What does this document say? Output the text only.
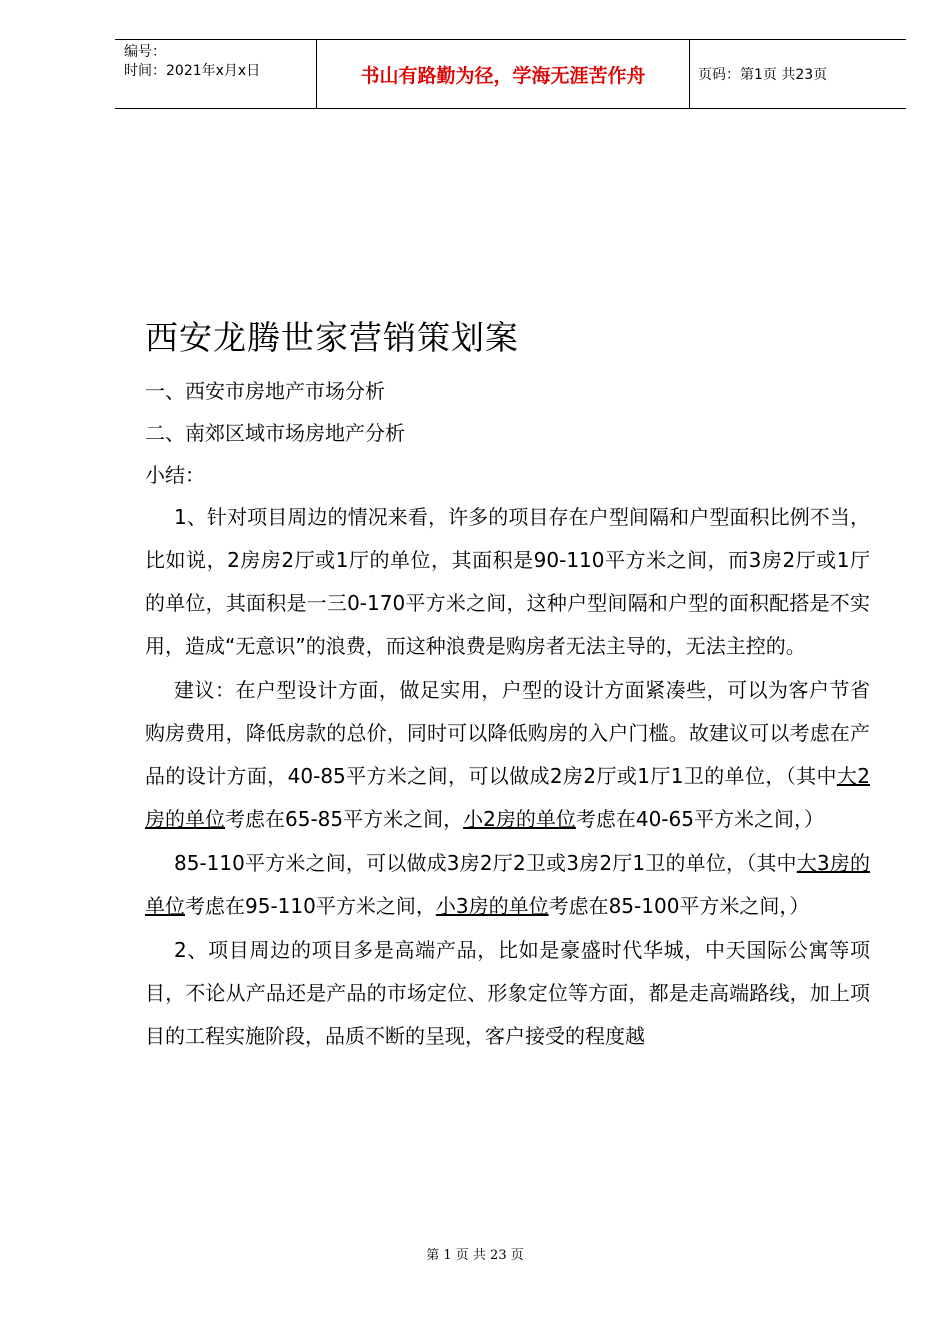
编号：
时间：2021年x月x日	书山有路勤为径，学海无涯苦作舟	页码：第1页 共23页
西安龙腾世家营销策划案

一、西安市房地产市场分析

二、南郊区域市场房地产分析

小结：

1、针对项目周边的情况来看，许多的项目存在户型间隔和户型面积比例不当，比如说，2房房2厅或1厅的单位，其面积是90-110平方米之间，而3房2厅或1厅的单位，其面积是一三0-170平方米之间，这种户型间隔和户型的面积配搭是不实用，造成“无意识”的浪费，而这种浪费是购房者无法主导的，无法主控的。

建议：在户型设计方面，做足实用，户型的设计方面紧凑些，可以为客户节省购房费用，降低房款的总价，同时可以降低购房的入户门槛。故建议可以考虑在产品的设计方面，40-85平方米之间，可以做成2房2厅或1厅1卫的单位，（其中大2房的单位考虑在65-85平方米之间，小2房的单位考虑在40-65平方米之间，）

85-110平方米之间，可以做成3房2厅2卫或3房2厅1卫的单位，（其中大3房的单位考虑在95-110平方米之间，小3房的单位考虑在85-100平方米之间，）

2、项目周边的项目多是高端产品，比如是豪盛时代华城，中天国际公寓等项目，不论从产品还是产品的市场定位、形象定位等方面，都是走高端路线，加上项目的工程实施阶段，品质不断的呈现，客户接受的程度越

第 1 页 共 23 页
